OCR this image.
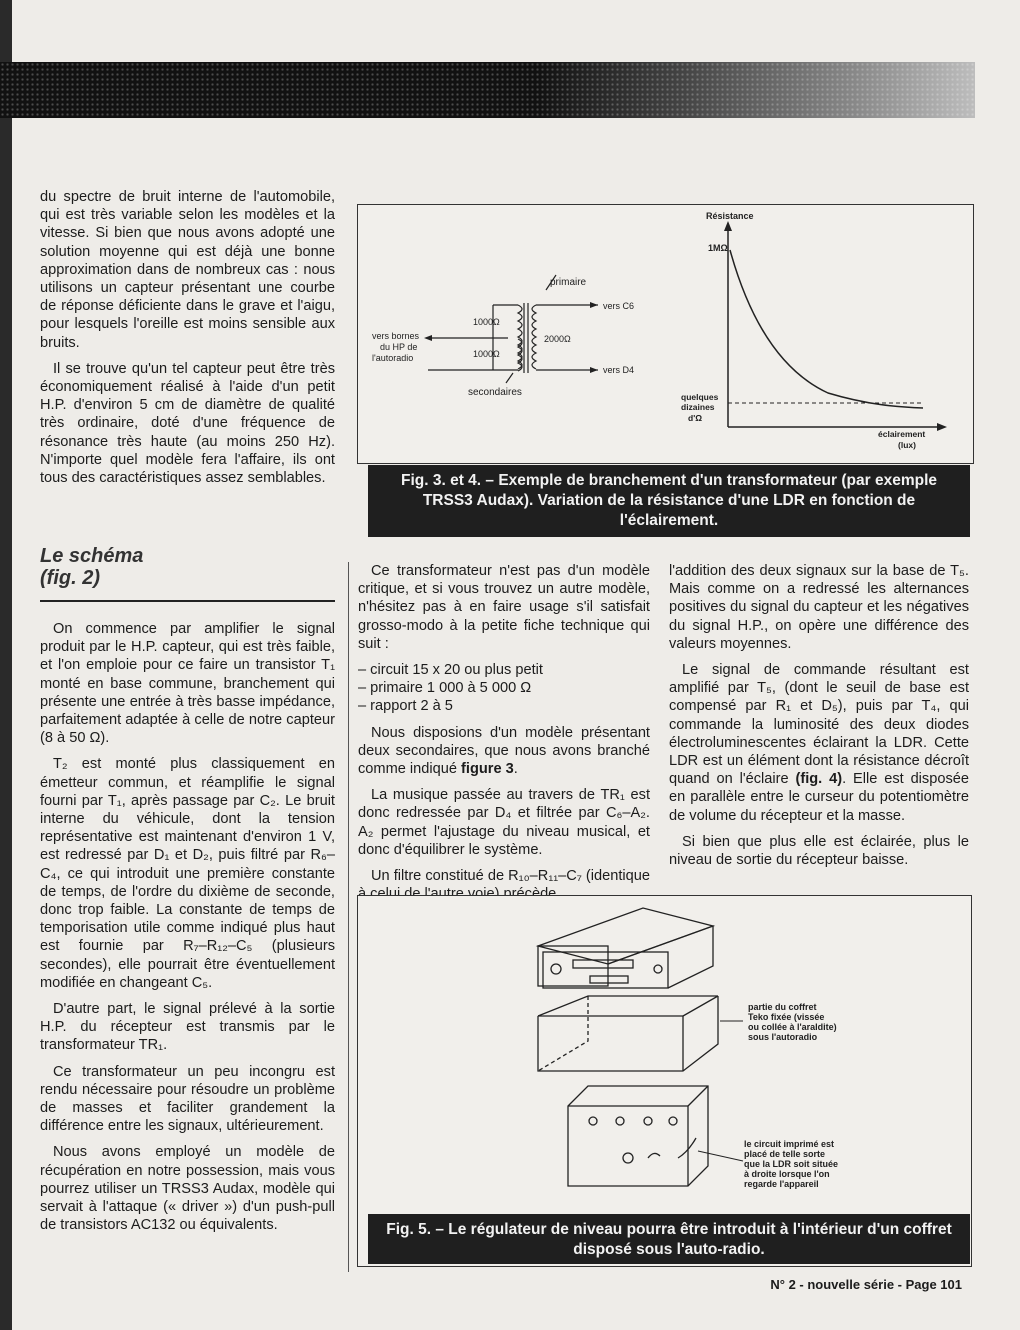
du spectre de bruit interne de l'automobile, qui est très variable selon les modèles et la vitesse. Si bien que nous avons adopté une solution moyenne qui est déjà une bonne approximation dans de nombreux cas : nous utilisons un capteur présentant une courbe de réponse déficiente dans le grave et l'aigu, pour lesquels l'oreille est moins sensible aux bruits.

Il se trouve qu'un tel capteur peut être très économiquement réalisé à l'aide d'un petit H.P. d'environ 5 cm de diamètre de qualité très ordinaire, doté d'une fréquence de résonance très haute (au moins 250 Hz). N'importe quel modèle fera l'affaire, ils ont tous des caractéristiques assez semblables.

Le schéma
(fig. 2)

On commence par amplifier le signal produit par le H.P. capteur, qui est très faible, et l'on emploie pour ce faire un transistor T₁ monté en base commune, branchement qui présente une entrée à très basse impédance, parfaitement adaptée à celle de notre capteur (8 à 50 Ω).

T₂ est monté plus classiquement en émetteur commun, et réamplifie le signal fourni par T₁, après passage par C₂. Le bruit interne du véhicule, dont la tension représentative est maintenant d'environ 1 V, est redressé par D₁ et D₂, puis filtré par R₆–C₄, ce qui introduit une première constante de temps, de l'ordre du dixième de seconde, donc trop faible. La constante de temps de temporisation utile comme indiqué plus haut est fournie par R₇–R₁₂–C₅ (plusieurs secondes), elle pourrait être éventuellement modifiée en changeant C₅.

D'autre part, le signal prélevé à la sortie H.P. du récepteur est transmis par le transformateur TR₁.

Ce transformateur un peu incongru est rendu nécessaire pour résoudre un problème de masses et faciliter grandement la différence entre les signaux, ultérieurement.

Nous avons employé un modèle de récupération en notre possession, mais vous pourrez utiliser un TRSS3 Audax, modèle qui servait à l'attaque (« driver ») d'un push-pull de transistors AC132 ou équivalents.

Ce transformateur n'est pas d'un modèle critique, et si vous trouvez un autre modèle, n'hésitez pas à en faire usage s'il satisfait grosso-modo à la petite fiche technique qui suit :

– circuit 15 x 20 ou plus petit
– primaire 1 000 à 5 000 Ω
– rapport 2 à 5

Nous disposions d'un modèle présentant deux secondaires, que nous avons branché comme indiqué figure 3.

La musique passée au travers de TR₁ est donc redressée par D₄ et filtrée par C₆–A₂. A₂ permet l'ajustage du niveau musical, et donc d'équilibrer le système.

Un filtre constitué de R₁₀–R₁₁–C₇ (identique

l'addition des deux signaux sur la base de T₅. Mais comme on a redressé les alternances positives du signal du capteur et les négatives du signal H.P., on opère une différence des valeurs moyennes.

Le signal de commande résultant est amplifié par T₅, (dont le seuil de base est compensé par R₁ et D₅), puis par T₄, qui commande la luminosité des deux diodes électroluminescentes éclairant la LDR. Cette LDR est un élément dont la résistance décroît quand on l'éclaire (fig. 4). Elle est disposée en parallèle entre le curseur du potentiomètre de volume du récepteur et la masse.

Si bien que plus elle est éclairée, plus le niveau de sortie du récepteur baisse.

primaire
secondaires
1000Ω
1000Ω
2000Ω
vers C6
vers D4
vers bornes
du HP de
l'autoradio
Résistance
1MΩ
quelques
dizaines
d'Ω
éclairement
(lux)
Fig. 3. et 4. – Exemple de branchement d'un transformateur (par exemple TRSS3 Audax). Variation de la résistance d'une LDR en fonction de l'éclairement.
partie du coffret
Teko fixée (vissée
ou collée à l'araldite)
sous l'autoradio
le circuit imprimé est
placé de telle sorte
que la LDR soit située
à droite lorsque l'on
regarde l'appareil
Fig. 5. – Le régulateur de niveau pourra être introduit à l'intérieur d'un coffret disposé sous l'auto-radio.
N° 2 - nouvelle série - Page 101
